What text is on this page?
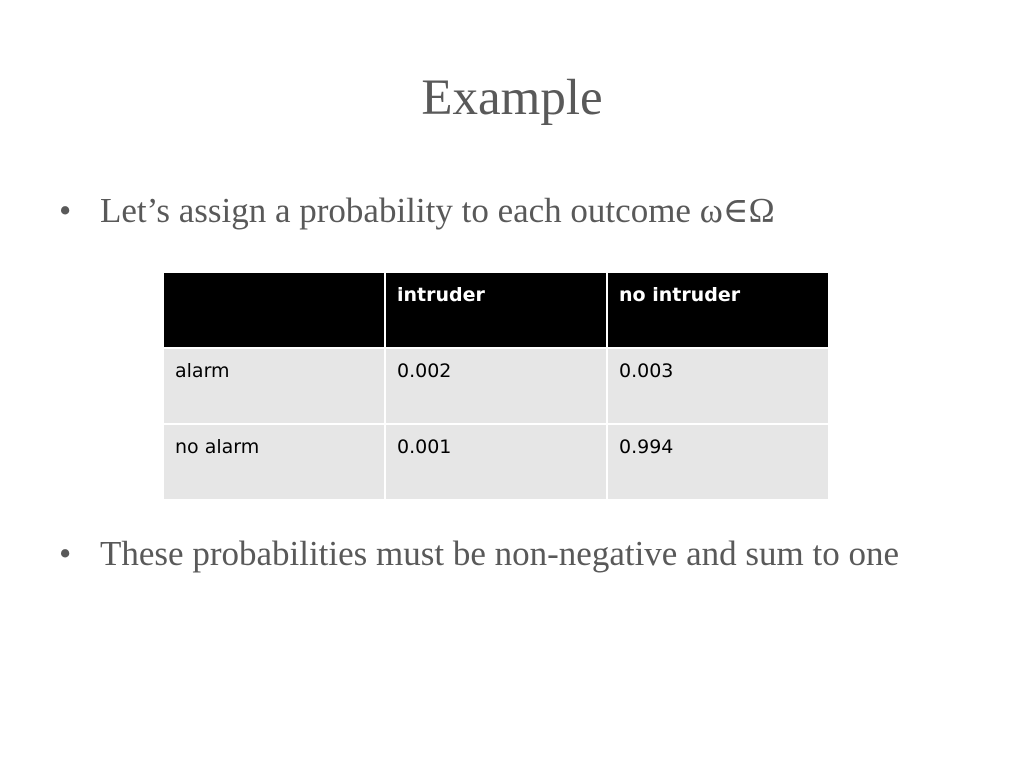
Example
• Let’s assign a probability to each outcome ω∈Ω
	intruder	no intruder
alarm	0.002	0.003
no alarm	0.001	0.994
• These probabilities must be non-negative and sum to one
